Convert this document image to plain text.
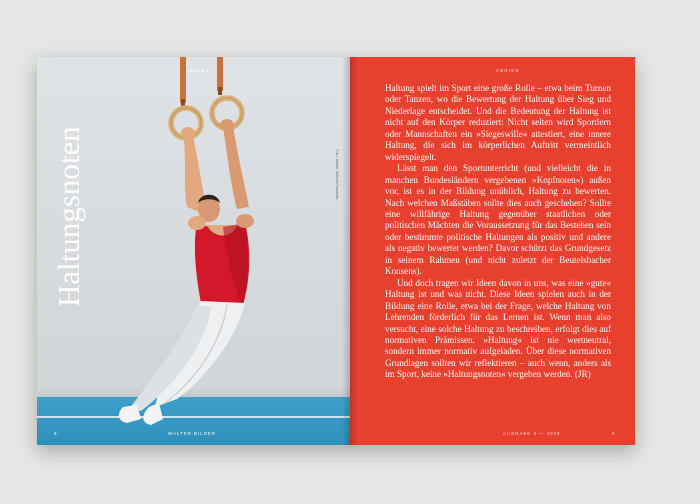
ABRIEB
Haltungsnoten	Foto: Walter Dietrich/Haraldfix
8	WALTER BILDER
ABRIEB

Haltung spielt im Sport eine große Rolle – etwa beim Turnen oder Tanzen, wo die Bewertung der Haltung über Sieg und Niederlage entscheidet. Und die Bedeutung der Haltung ist nicht auf den Körper reduziert: Nicht selten wird Sportlern oder Mannschaften ein »Siegeswille« attestiert, eine innere Haltung, die sich im körperlichen Auftritt vermeintlich widerspiegelt.

Lässt man den Sportunterricht (und vielleicht die in manchen Bundesländern vergebenen »Kopfnoten«) außen vor, ist es in der Bildung unüblich, Haltung zu bewerten. Nach welchen Maßstäben sollte dies auch geschehen? Sollte eine willfährige Haltung gegenüber staatlichen oder politischen Mächten die Voraussetzung für das Bestehen sein oder bestimmte politische Haltungen als positiv und andere als negativ bewertet werden? Davor schützt das Grundgesetz in seinem Rahmen (und nicht zuletzt der Beutelsbacher Konsens).

Und doch tragen wir Ideen davon in uns, was eine »gute« Haltung ist und was nicht. Diese Ideen spielen auch in der Bildung eine Rolle, etwa bei der Frage, welche Haltung von Lehrenden förderlich für das Lernen ist. Wenn man also versucht, eine solche Haltung zu beschreiben, erfolgt dies auf normativen Prämissen. »Haltung« ist nie wertneutral, sondern immer normativ aufgeladen. Über diese normativen Grundlagen sollten wir reflektieren – auch wenn, anders als im Sport, keine »Haltungsnoten« vergeben werden. (JR)

AUSGABE 3 — 2020	9
